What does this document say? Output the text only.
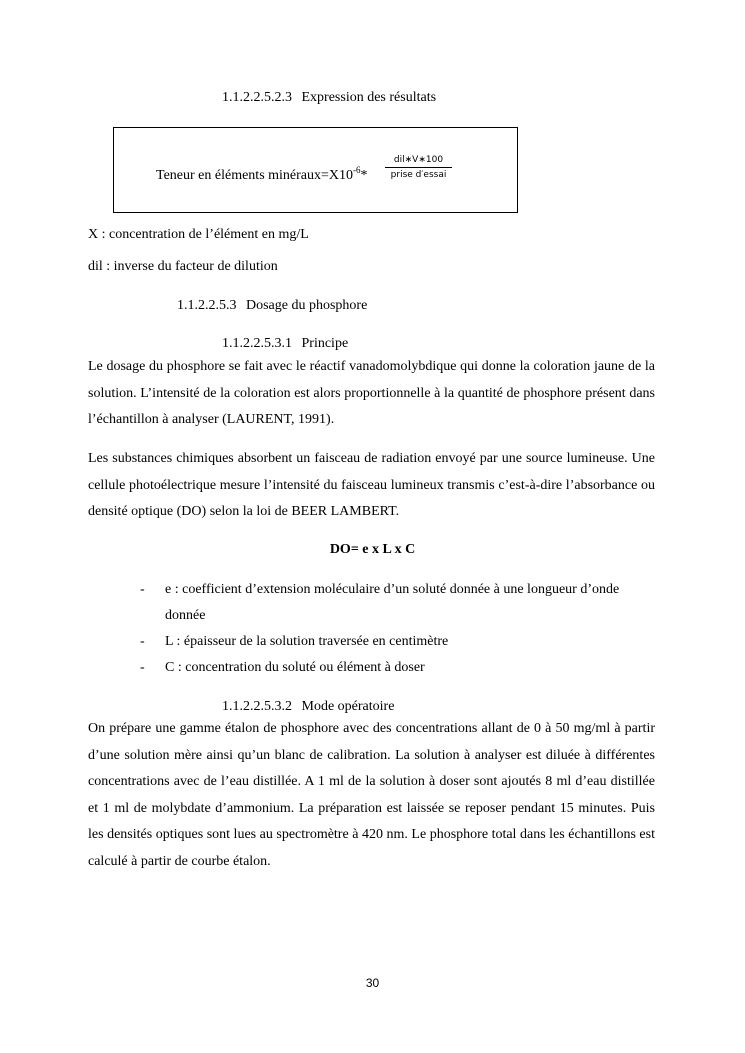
1.1.2.2.5.2.3 Expression des résultats
Teneur en éléments $\min éraux=X10^{-6}*$
dil∗V∗100
prise d′essai
X : concentration de l’élément en mg/L
dil : inverse du facteur de dilution
1.1.2.2.5.3 Dosage du phosphore
1.1.2.2.5.3.1 Principe

Le dosage du phosphore se fait avec le réactif vanadomolybdique qui donne la coloration jaune de la solution. L’intensité de la coloration est alors proportionnelle à la quantité de phosphore présent dans l’échantillon à analyser (LAURENT, 1991).

Les substances chimiques absorbent un faisceau de radiation envoyé par une source lumineuse. Une cellule photoélectrique mesure l’intensité du faisceau lumineux transmis c’est-à-dire l’absorbance ou densité optique (DO) selon la loi de BEER LAMBERT.

DO= e x L x C
- e : coefficient d’extension moléculaire d’un soluté donnée à une longueur d’onde donnée
- L : épaisseur de la solution traversée en centimètre
- C : concentration du soluté ou élément à doser
1.1.2.2.5.3.2 Mode opératoire

On prépare une gamme étalon de phosphore avec des concentrations allant de 0 à 50 mg/ml à partir d’une solution mère ainsi qu’un blanc de calibration. La solution à analyser est diluée à différentes concentrations avec de l’eau distillée. A 1 ml de la solution à doser sont ajoutés 8 ml d’eau distillée et 1 ml de molybdate d’ammonium. La préparation est laissée se reposer pendant 15 minutes. Puis les densités optiques sont lues au spectromètre à 420 nm. Le phosphore total dans les échantillons est calculé à partir de courbe étalon.

30
